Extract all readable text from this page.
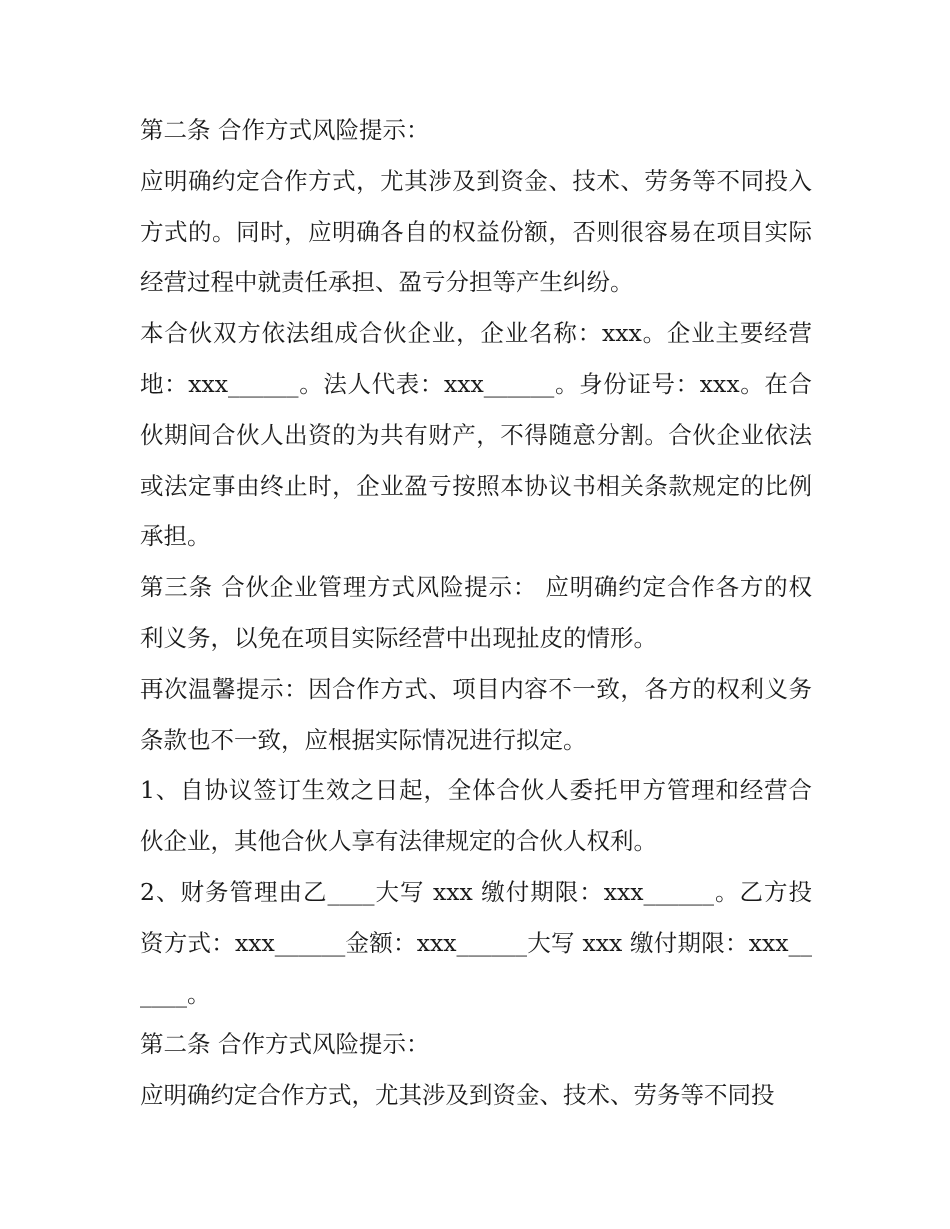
第二条 合作方式风险提示：

应明确约定合作方式，尤其涉及到资金、技术、劳务等不同投入方式的。同时，应明确各自的权益份额，否则很容易在项目实际经营过程中就责任承担、盈亏分担等产生纠纷。

本合伙双方依法组成合伙企业，企业名称：xxx。企业主要经营地：xxx______。法人代表：xxx______。身份证号：xxx。在合伙期间合伙人出资的为共有财产，不得随意分割。合伙企业依法或法定事由终止时，企业盈亏按照本协议书相关条款规定的比例承担。

第三条 合伙企业管理方式风险提示： 应明确约定合作各方的权利义务，以免在项目实际经营中出现扯皮的情形。

再次温馨提示：因合作方式、项目内容不一致，各方的权利义务条款也不一致，应根据实际情况进行拟定。

1、自协议签订生效之日起，全体合伙人委托甲方管理和经营合伙企业，其他合伙人享有法律规定的合伙人权利。

2、财务管理由乙____大写 xxx 缴付期限：xxx______。乙方投资方式：xxx______金额：xxx______大写 xxx 缴付期限：xxx______。

第二条 合作方式风险提示：

应明确约定合作方式，尤其涉及到资金、技术、劳务等不同投
